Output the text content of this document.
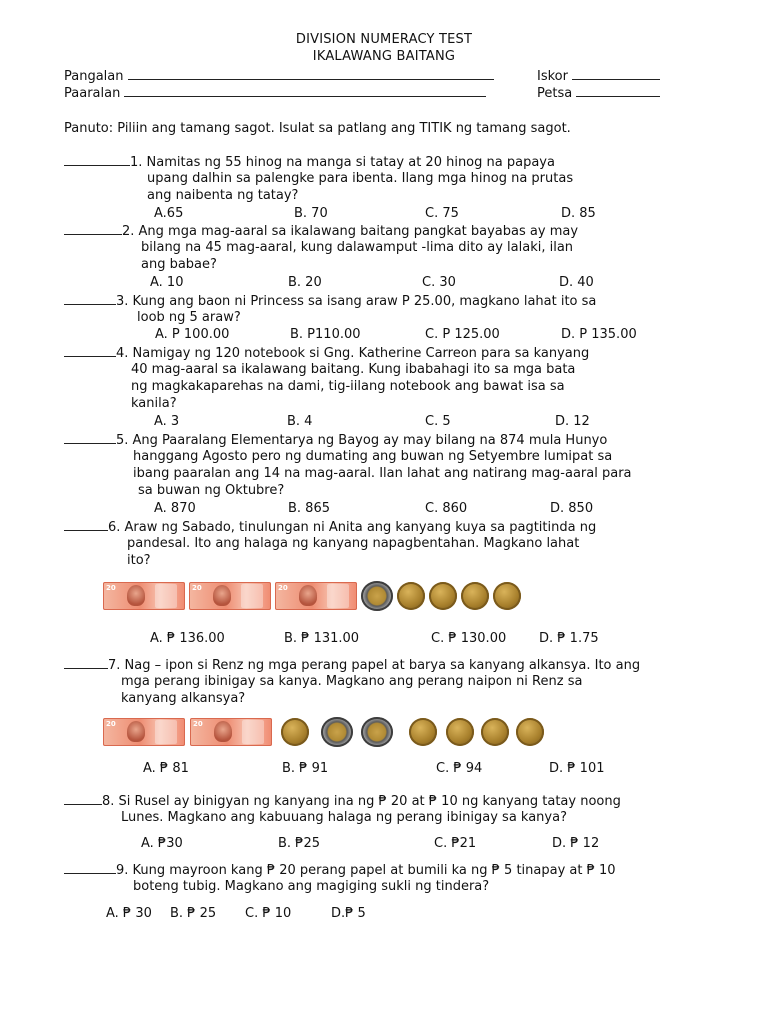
DIVISION NUMERACY TEST
IKALAWANG BAITANG
Pangalan	Iskor
Paaralan	Petsa
Panuto: Piliin ang tamang sagot. Isulat sa patlang ang TITIK ng tamang sagot.
1. Namitas ng 55 hinog na manga si tatay at 20 hinog na papaya
upang dalhin sa palengke para ibenta. Ilang mga hinog na prutas
ang naibenta ng tatay?
A.65	B. 70	C. 75	D. 85
2. Ang mga mag-aaral sa ikalawang baitang pangkat bayabas ay may
bilang na 45 mag-aaral, kung dalawamput -lima dito ay lalaki, ilan
ang babae?
A. 10	B. 20	C. 30	D. 40
3. Kung ang baon ni Princess sa isang araw P 25.00, magkano lahat ito sa
loob ng 5 araw?
A. P 100.00	B. P110.00	C. P 125.00	D. P 135.00
4. Namigay ng 120 notebook si Gng. Katherine Carreon para sa kanyang
40 mag-aaral sa ikalawang baitang. Kung ibabahagi ito sa mga bata
ng magkakaparehas na dami, tig-iilang notebook ang bawat isa sa
kanila?
A. 3	B. 4	C. 5	D. 12
5. Ang Paaralang Elementarya ng Bayog ay may bilang na 874 mula Hunyo
hanggang Agosto pero ng dumating ang buwan ng Setyembre lumipat sa
ibang paaralan ang 14 na mag-aaral. Ilan lahat ang natirang mag-aaral para
sa buwan ng Oktubre?
A. 870	B. 865	C. 860	D. 850
6. Araw ng Sabado, tinulungan ni Anita ang kanyang kuya sa pagtitinda ng
pandesal. Ito ang halaga ng kanyang napagbentahan. Magkano lahat
ito?
20	20	20
A. ₱ 136.00	B. ₱ 131.00	C. ₱ 130.00	D. ₱ 1.75
7. Nag – ipon si Renz ng mga perang papel at barya sa kanyang alkansya. Ito ang
mga perang ibinigay sa kanya. Magkano ang perang naipon ni Renz sa
kanyang alkansya?
20	20
A. ₱ 81	B. ₱ 91	C. ₱ 94	D. ₱ 101
8. Si Rusel ay binigyan ng kanyang ina ng ₱ 20 at ₱ 10 ng kanyang tatay noong
Lunes. Magkano ang kabuuang halaga ng perang ibinigay sa kanya?
A. ₱30	B. ₱25	C. ₱21	D. ₱ 12
9. Kung mayroon kang ₱ 20 perang papel at bumili ka ng ₱ 5 tinapay at ₱ 10
boteng tubig. Magkano ang magiging sukli ng tindera?
A. ₱ 30 B. ₱ 25 C. ₱ 10	D.₱ 5
